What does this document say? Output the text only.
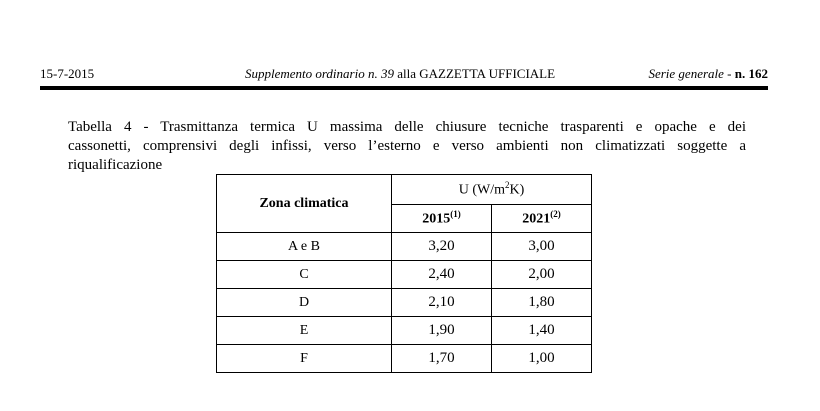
15-7-2015	Supplemento ordinario n. 39 alla GAZZETTA UFFICIALE	Serie generale - n. 162
Tabella 4 - Trasmittanza termica U massima delle chiusure tecniche trasparenti e opache e dei
cassonetti, comprensivi degli infissi, verso l’esterno e verso ambienti non climatizzati soggette a
riqualificazione
Zona climatica	U $(W/m^2K)$	
	2015$^{(1)}$	2021$^{(2)}$
A e B	3,20	3,00
C	2,40	2,00
D	2,10	1,80
E	1,90	1,40
F	1,70	1,00
